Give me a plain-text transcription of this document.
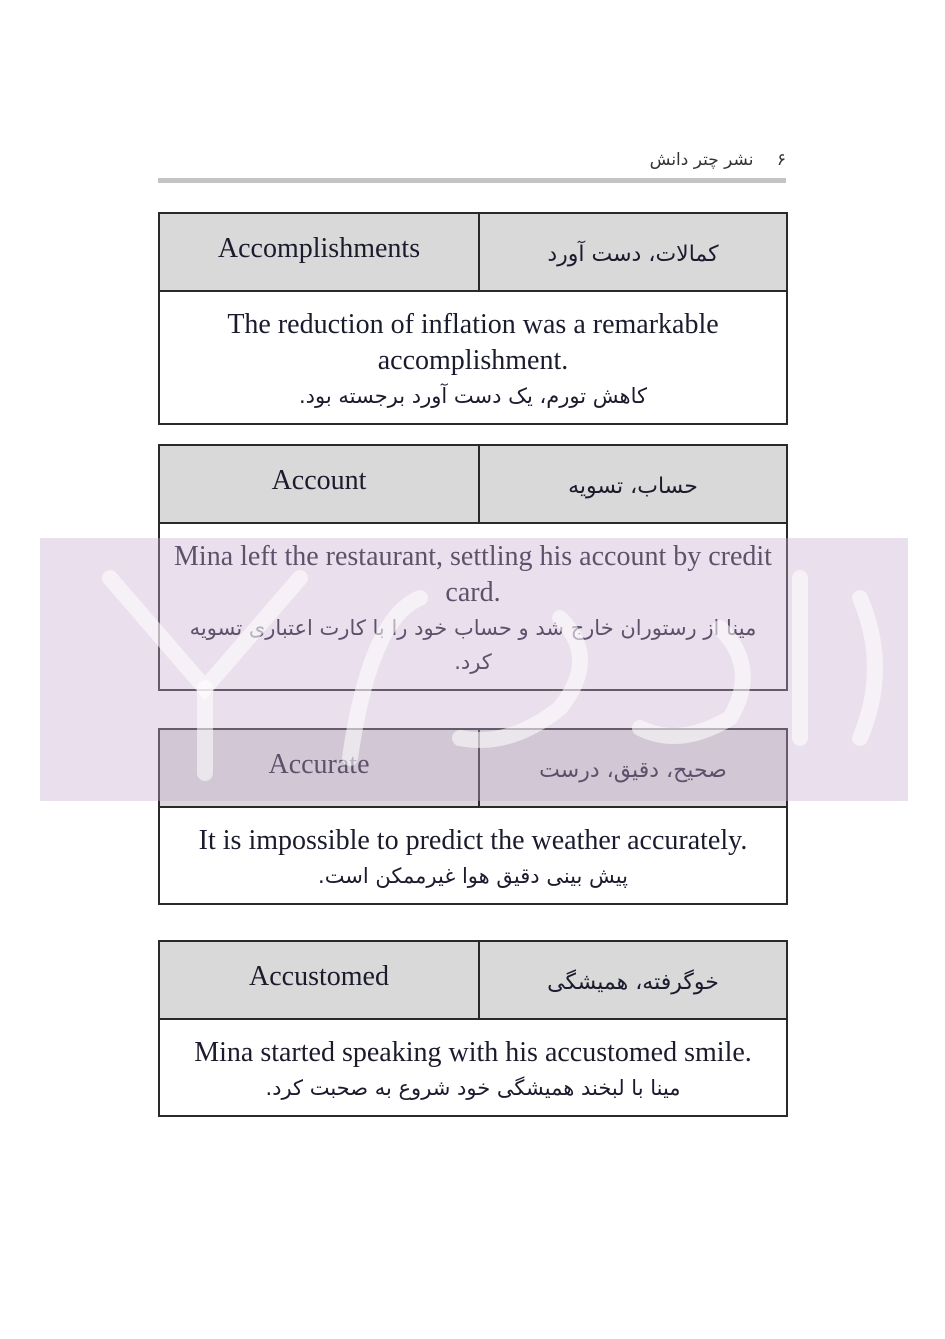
۶ نشر چتر دانش
Accomplishments	کمالات، دست آورد
The reduction of inflation was a remarkable accomplishment.
کاهش تورم، یک دست آورد برجسته بود.
Account	حساب، تسویه
Mina left the restaurant, settling his account by credit card.
مینا از رستوران خارج شد و حساب خود را با کارت اعتباری تسویه کرد.
Accurate	صحیح، دقیق، درست
It is impossible to predict the weather accurately.
پیش بینی دقیق هوا غیرممکن است.
Accustomed	خوگرفته، همیشگی
Mina started speaking with his accustomed smile.
مینا با لبخند همیشگی خود شروع به صحبت کرد.
